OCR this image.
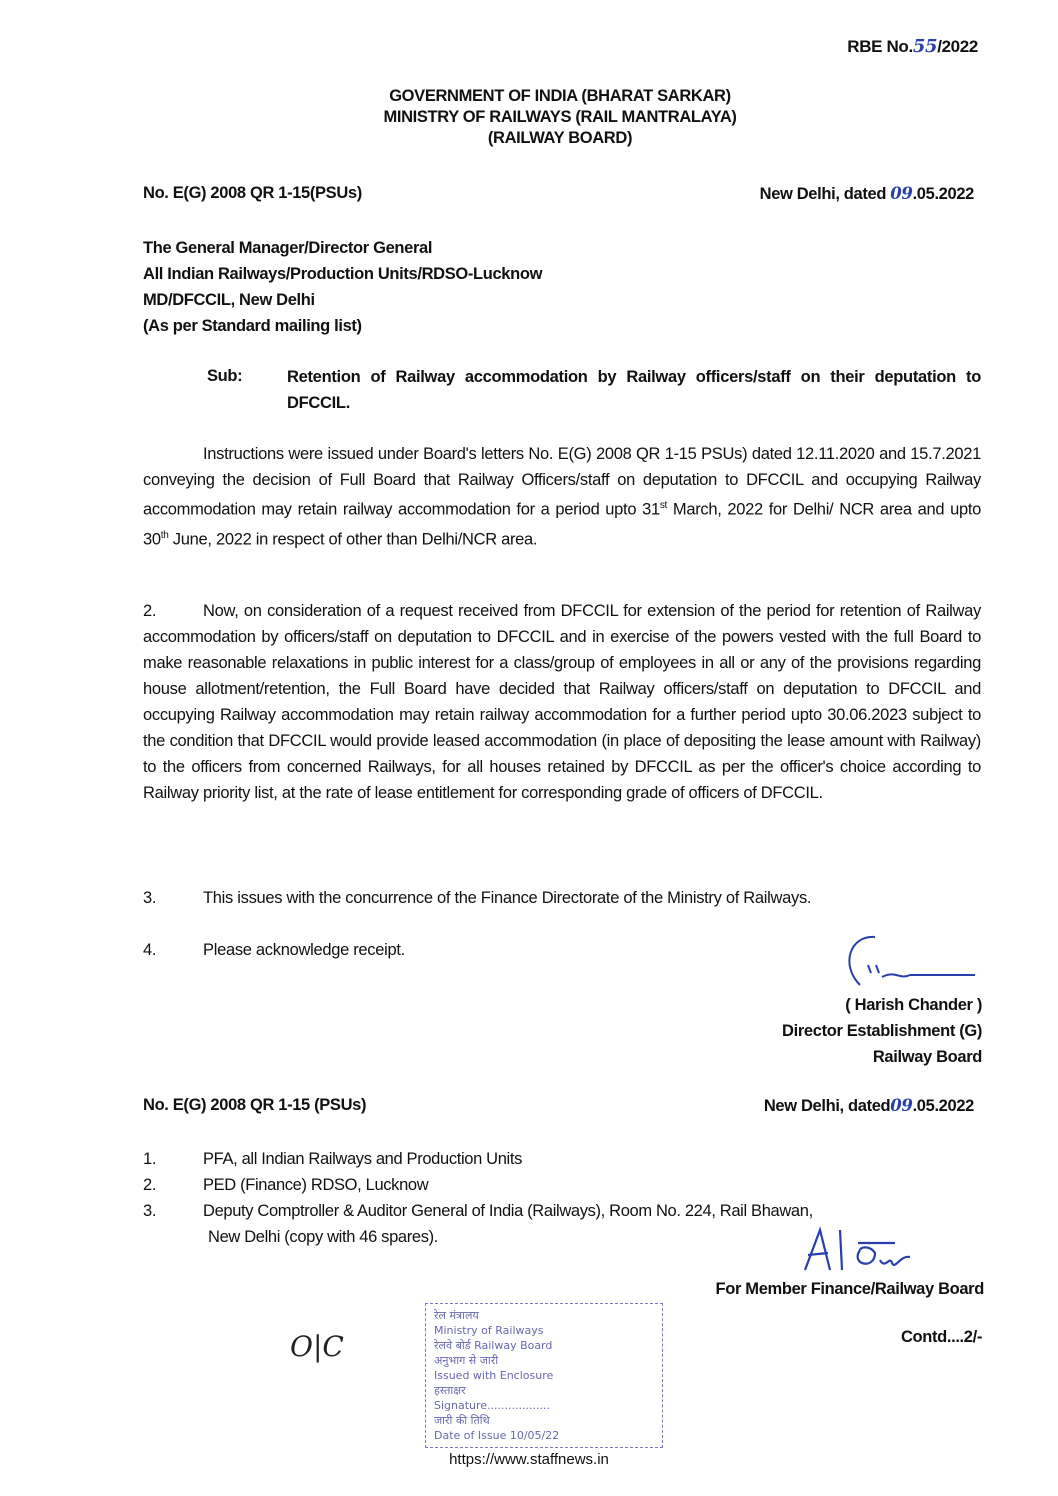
RBE No.55/2022
GOVERNMENT OF INDIA (BHARAT SARKAR)
MINISTRY OF RAILWAYS (RAIL MANTRALAYA)
(RAILWAY BOARD)
No. E(G) 2008 QR 1-15(PSUs)	New Delhi, dated 09.05.2022
The General Manager/Director General
All Indian Railways/Production Units/RDSO-Lucknow
MD/DFCCIL, New Delhi
(As per Standard mailing list)
Sub:	Retention of Railway accommodation by Railway officers/staff on their deputation to DFCCIL.
Instructions were issued under Board's letters No. E(G) 2008 QR 1-15 PSUs) dated 12.11.2020 and 15.7.2021 conveying the decision of Full Board that Railway Officers/staff on deputation to DFCCIL and occupying Railway accommodation may retain railway accommodation for a period upto 31st March, 2022 for Delhi/ NCR area and upto 30th June, 2022 in respect of other than Delhi/NCR area.
2.	Now, on consideration of a request received from DFCCIL for extension of the period for retention of Railway accommodation by officers/staff on deputation to DFCCIL and in exercise of the powers vested with the full Board to make reasonable relaxations in public interest for a class/group of employees in all or any of the provisions regarding house allotment/retention, the Full Board have decided that Railway officers/staff on deputation to DFCCIL and occupying Railway accommodation may retain railway accommodation for a further period upto 30.06.2023 subject to the condition that DFCCIL would provide leased accommodation (in place of depositing the lease amount with Railway) to the officers from concerned Railways, for all houses retained by DFCCIL as per the officer's choice according to Railway priority list, at the rate of lease entitlement for corresponding grade of officers of DFCCIL.
3.	This issues with the concurrence of the Finance Directorate of the Ministry of Railways.
4.	Please acknowledge receipt.
( Harish Chander )
Director Establishment (G)
Railway Board
No. E(G) 2008 QR 1-15 (PSUs)	New Delhi, dated09.05.2022
1.	PFA, all Indian Railways and Production Units
2.	PED (Finance) RDSO, Lucknow
3.	Deputy Comptroller & Auditor General of India (Railways), Room No. 224, Rail Bhawan,
New Delhi (copy with 46 spares).
For Member Finance/Railway Board
Contd....2/-
O|C
रेल मंत्रालय
Ministry of Railways
रेलवे बोर्ड Railway Board
अनुभाग से जारी
Issued with Enclosure
हस्ताक्षर
Signature..................
जारी की तिथि
Date of Issue 10/05/22
https://www.staffnews.in
